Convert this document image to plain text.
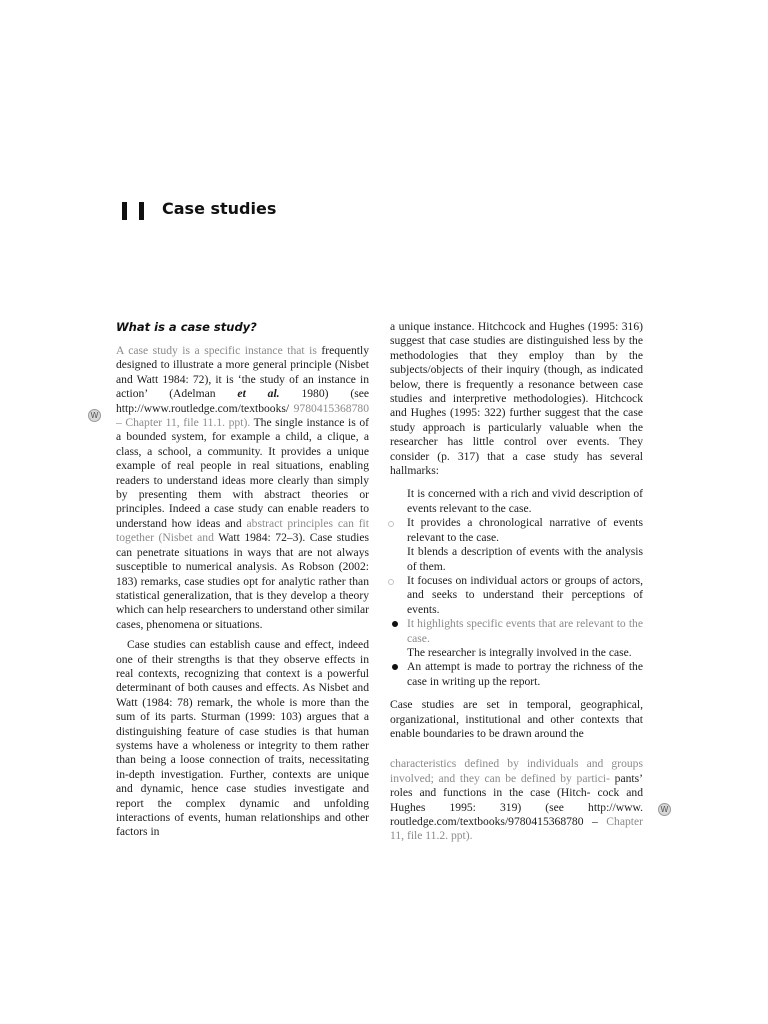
Case studies
W
W
What is a case study?

A case study is a specific instance that is frequently designed to illustrate a more general principle (Nisbet and Watt 1984: 72), it is ‘the study of an instance in action’ (Adelman et al. 1980) (see http://www.routledge.com/textbooks/ 9780415368780 – Chapter 11, file 11.1. ppt). The single instance is of a bounded system, for example a child, a clique, a class, a school, a community. It provides a unique example of real people in real situations, enabling readers to understand ideas more clearly than simply by presenting them with abstract theories or principles. Indeed a case study can enable readers to understand how ideas and abstract principles can fit together (Nisbet and Watt 1984: 72–3). Case studies can penetrate situations in ways that are not always susceptible to numerical analysis. As Robson (2002: 183) remarks, case studies opt for analytic rather than statistical generalization, that is they develop a theory which can help researchers to understand other similar cases, phenomena or situations.

Case studies can establish cause and effect, indeed one of their strengths is that they observe effects in real contexts, recognizing that context is a powerful determinant of both causes and effects. As Nisbet and Watt (1984: 78) remark, the whole is more than the sum of its parts. Sturman (1999: 103) argues that a distinguishing feature of case studies is that human systems have a wholeness or integrity to them rather than being a loose connection of traits, necessitating in-depth investigation. Further, contexts are unique and dynamic, hence case studies investigate and report the complex dynamic and unfolding interactions of events, human relationships and other factors in

a unique instance. Hitchcock and Hughes (1995: 316) suggest that case studies are distinguished less by the methodologies that they employ than by the subjects/objects of their inquiry (though, as indicated below, there is frequently a resonance between case studies and interpretive methodologies). Hitchcock and Hughes (1995: 322) further suggest that the case study approach is particularly valuable when the researcher has little control over events. They consider (p. 317) that a case study has several hallmarks:

It is concerned with a rich and vivid description of events relevant to the case.
It provides a chronological narrative of events relevant to the case.
It blends a description of events with the analysis of them.
It focuses on individual actors or groups of actors, and seeks to understand their perceptions of events.
It highlights specific events that are relevant to the case.
The researcher is integrally involved in the case.
An attempt is made to portray the richness of the case in writing up the report.

Case studies are set in temporal, geographical, organizational, institutional and other contexts that enable boundaries to be drawn around the

characteristics defined by individuals and groups involved; and they can be defined by partici- pants’ roles and functions in the case (Hitch- cock and Hughes 1995: 319) (see http://www. routledge.com/textbooks/9780415368780 – Chapter 11, file 11.2. ppt).
